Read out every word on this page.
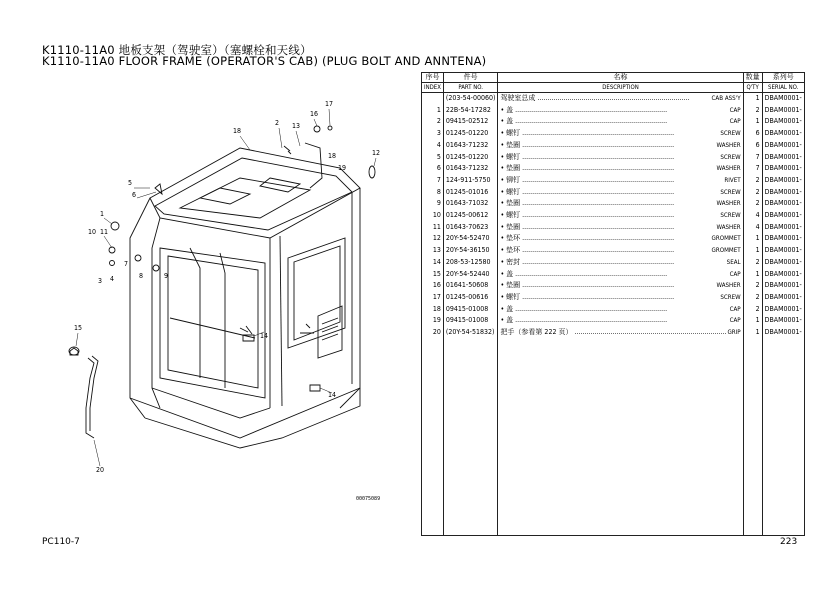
K1110-11A0 地板支架（驾驶室）（塞螺栓和天线）
K1110-11A0 FLOOR FRAME (OPERATOR'S CAB) (PLUG BOLT AND ANNTENA)
5
6
1
10 11
3 4	8	9
7
18
2 13
16
17
18
19
12
14
14
15
20
00075089
序号	件号	名称	数量	系列号
INDEX	PART NO.	DESCRIPTION	Q'TY	SERIAL NO.
	(203-54-00060)	驾驶室总成 ..... CAB ASS'Y	1	DBAM0001-
1	22B-54-17282	• 盖 ..... CAP	2	DBAM0001-
2	09415-02512	• 盖 ..... CAP	1	DBAM0001-
3	01245-01220	• 螺钉 ..... SCREW	6	DBAM0001-
4	01643-71232	• 垫圈 ..... WASHER	6	DBAM0001-
5	01245-01220	• 螺钉 ..... SCREW	7	DBAM0001-
6	01643-71232	• 垫圈 ..... WASHER	7	DBAM0001-
7	124-911-5750	• 铆钉 ..... RIVET	2	DBAM0001-
8	01245-01016	• 螺钉 ..... SCREW	2	DBAM0001-
9	01643-71032	• 垫圈 ..... WASHER	2	DBAM0001-
10	01245-00612	• 螺钉 ..... SCREW	4	DBAM0001-
11	01643-70623	• 垫圈 ..... WASHER	4	DBAM0001-
12	20Y-54-52470	• 垫环 ..... GROMMET	1	DBAM0001-
13	20Y-54-36150	• 垫环 ..... GROMMET	1	DBAM0001-
14	208-53-12580	• 密封 ..... SEAL	2	DBAM0001-
15	20Y-54-52440	• 盖 ..... CAP	1	DBAM0001-
16	01641-50608	• 垫圈 ..... WASHER	2	DBAM0001-
17	01245-00616	• 螺钉 ..... SCREW	2	DBAM0001-
18	09415-01008	• 盖 ..... CAP	2	DBAM0001-
19	09415-01008	• 盖 ..... CAP	1	DBAM0001-
20	(20Y-54-51832)	把手（参看第 222 页） ..... GRIP	1	DBAM0001-

PC110-7	223
